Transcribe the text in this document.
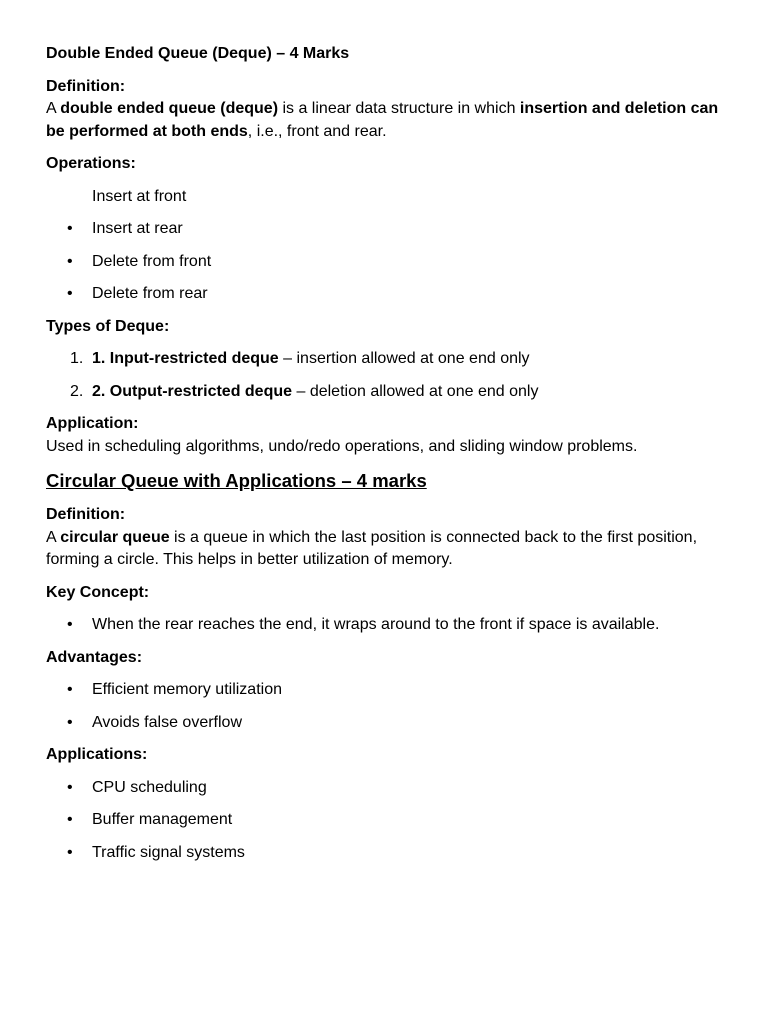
Double Ended Queue (Deque) – 4 Marks

Definition:

A double ended queue (deque) is a linear data structure in which insertion and deletion can be performed at both ends, i.e., front and rear.

Operations:

Insert at front
•	Insert at rear
•	Delete from front
•	Delete from rear

Types of Deque:

1. 1. Input-restricted deque – insertion allowed at one end only
2. 2. Output-restricted deque – deletion allowed at one end only

Application:

Used in scheduling algorithms, undo/redo operations, and sliding window problems.

Circular Queue with Applications – 4 marks

Definition:

A circular queue is a queue in which the last position is connected back to the first position, forming a circle. This helps in better utilization of memory.

Key Concept:

•	When the rear reaches the end, it wraps around to the front if space is available.

Advantages:

•	Efficient memory utilization
•	Avoids false overflow

Applications:

•	CPU scheduling
•	Buffer management
•	Traffic signal systems
